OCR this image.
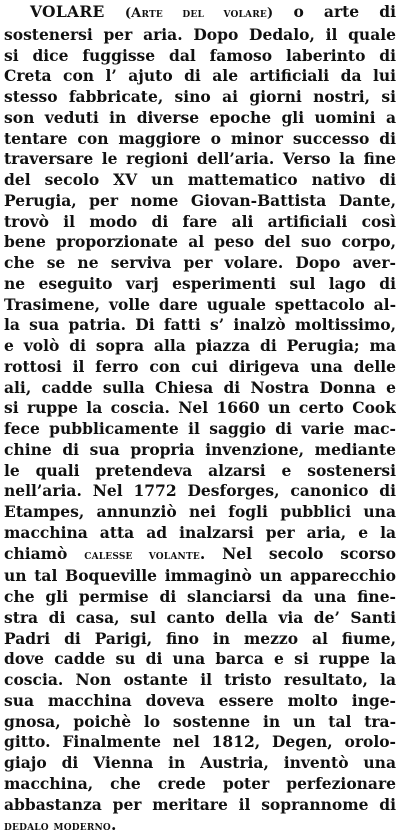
VOLARE (Arte del volare) o arte di
sostenersi per aria. Dopo Dedalo, il quale
si dice fuggisse dal famoso laberinto di
Creta con l’ ajuto di ale artificiali da lui
stesso fabbricate, sino ai giorni nostri, si
son veduti in diverse epoche gli uomini a
tentare con maggiore o minor successo di
traversare le regioni dell’aria. Verso la fine
del secolo XV un mattematico nativo di
Perugia, per nome Giovan-Battista Dante,
trovò il modo di fare ali artificiali così
bene proporzionate al peso del suo corpo,
che se ne serviva per volare. Dopo aver-
ne eseguito varj esperimenti sul lago di
Trasimene, volle dare uguale spettacolo al-
la sua patria. Di fatti s’ inalzò moltissimo,
e volò di sopra alla piazza di Perugia; ma
rottosi il ferro con cui dirigeva una delle
ali, cadde sulla Chiesa di Nostra Donna e
si ruppe la coscia. Nel 1660 un certo Cook
fece pubblicamente il saggio di varie mac-
chine di sua propria invenzione, mediante
le quali pretendeva alzarsi e sostenersi
nell’aria. Nel 1772 Desforges, canonico di
Etampes, annunziò nei fogli pubblici una
macchina atta ad inalzarsi per aria, e la
chiamò calesse volante. Nel secolo scorso
un tal Boqueville immaginò un apparecchio
che gli permise di slanciarsi da una fine-
stra di casa, sul canto della via de’ Santi
Padri di Parigi, fino in mezzo al fiume,
dove cadde su di una barca e si ruppe la
coscia. Non ostante il tristo resultato, la
sua macchina doveva essere molto inge-
gnosa, poichè lo sostenne in un tal tra-
gitto. Finalmente nel 1812, Degen, orolo-
giajo di Vienna in Austria, inventò una
macchina, che crede poter perfezionare
abbastanza per meritare il soprannome di
dedalo moderno.
